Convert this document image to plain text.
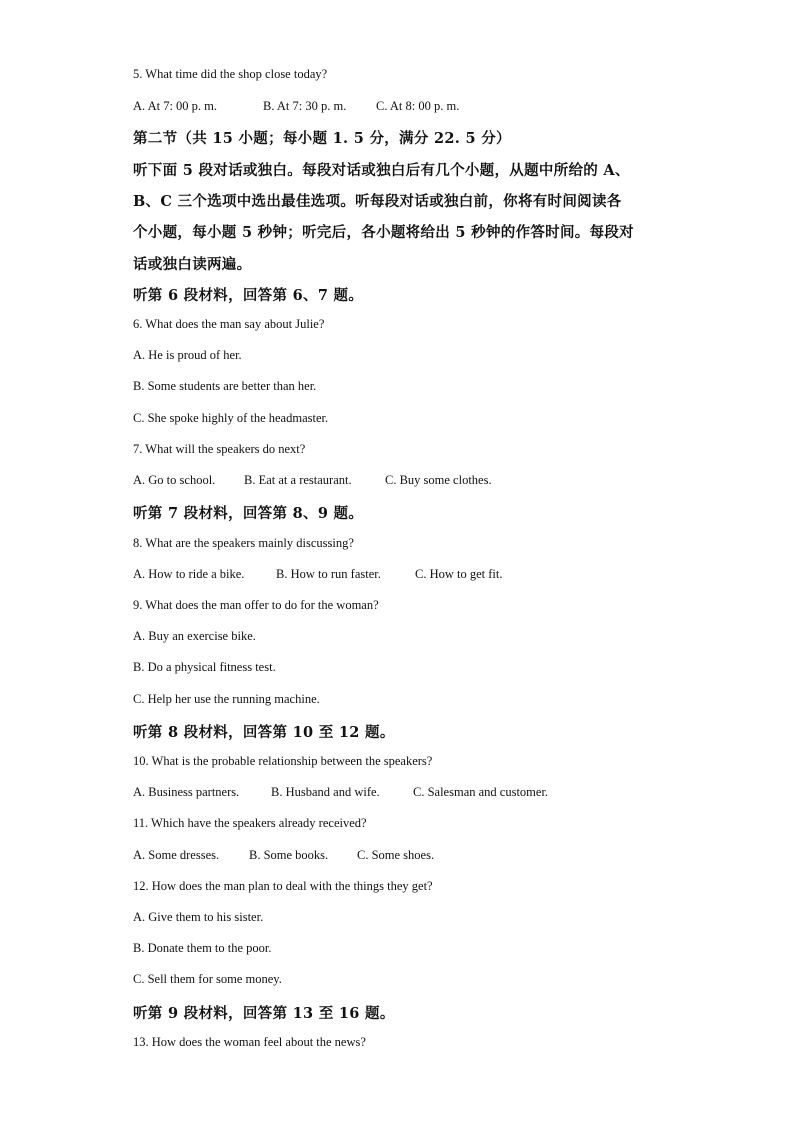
5. What time did the shop close today?
A. At 7: 00 p. m.	B. At 7: 30 p. m. C. At 8: 00 p. m.
第二节（共 15 小题；每小题 1. 5 分，满分 22. 5 分）
听下面 5 段对话或独白。每段对话或独白后有几个小题，从题中所给的 A、
B、C 三个选项中选出最佳选项。听每段对话或独白前，你将有时间阅读各
个小题，每小题 5 秒钟；听完后，各小题将给出 5 秒钟的作答时间。每段对
话或独白读两遍。
听第 6 段材料，回答第 6、7 题。
6. What does the man say about Julie?
A. He is proud of her.
B. Some students are better than her.
C. She spoke highly of the headmaster.
7. What will the speakers do next?
A. Go to school. B. Eat at a restaurant.	C. Buy some clothes.
听第 7 段材料，回答第 8、9 题。
8. What are the speakers mainly discussing?
A. How to ride a bike.	B. How to run faster.	C. How to get fit.
9. What does the man offer to do for the woman?
A. Buy an exercise bike.
B. Do a physical fitness test.
C. Help her use the running machine.
听第 8 段材料，回答第 10 至 12 题。
10. What is the probable relationship between the speakers?
A. Business partners.	B. Husband and wife.	C. Salesman and customer.
11. Which have the speakers already received?
A. Some dresses. B. Some books. C. Some shoes.
12. How does the man plan to deal with the things they get?
A. Give them to his sister.
B. Donate them to the poor.
C. Sell them for some money.
听第 9 段材料，回答第 13 至 16 题。
13. How does the woman feel about the news?
